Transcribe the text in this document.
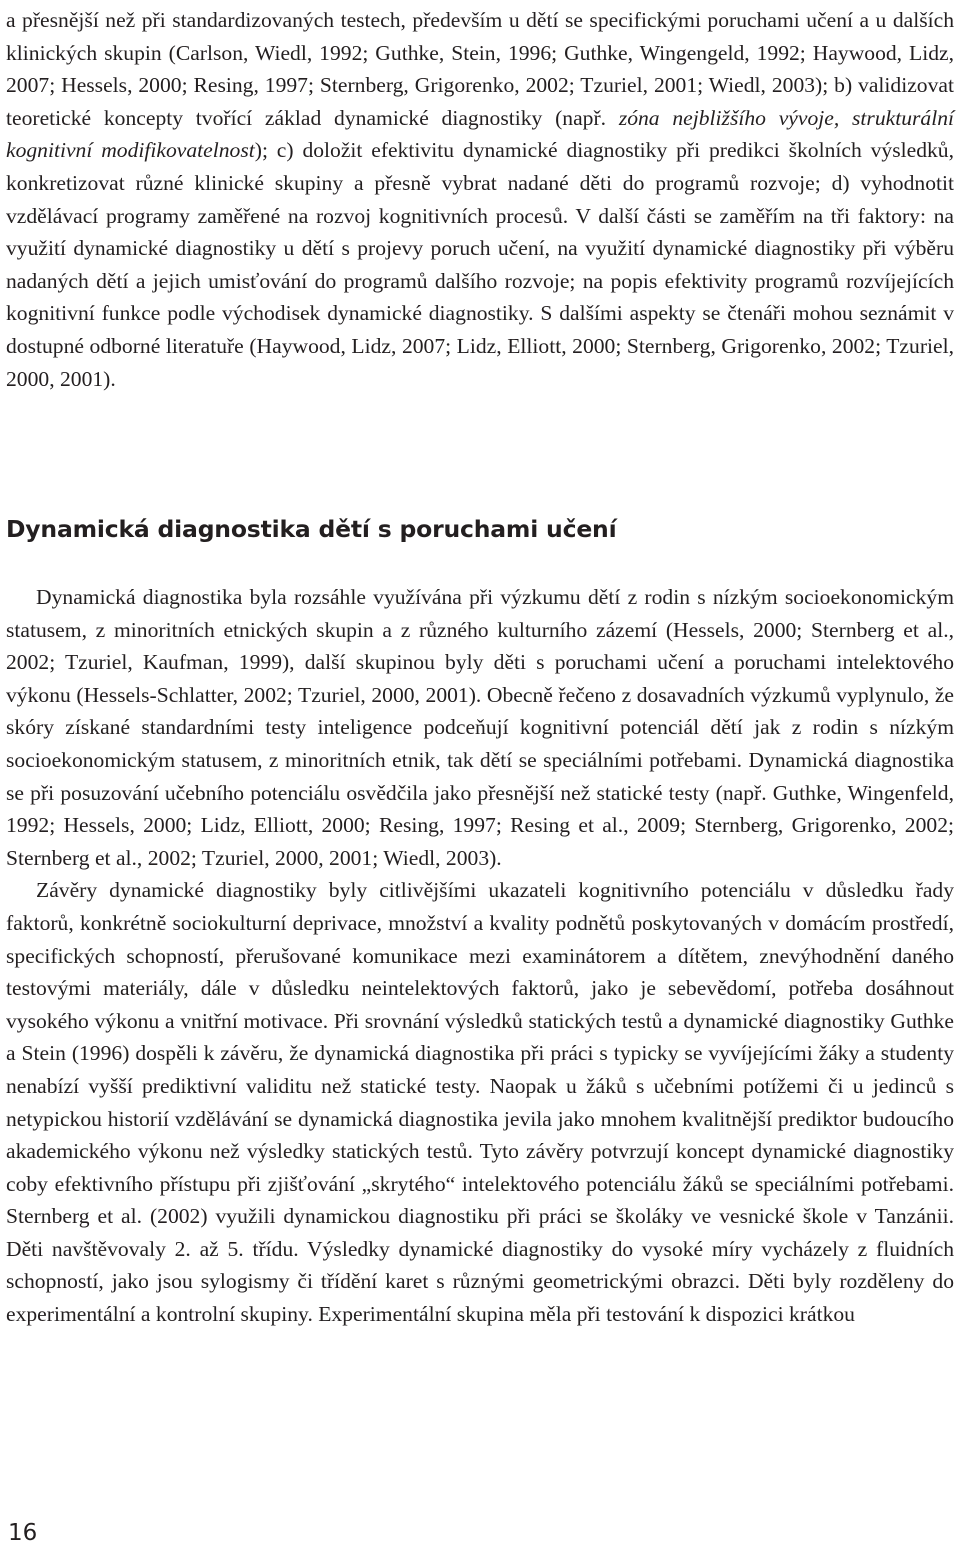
a přesnější než při standardizovaných testech, především u dětí se specifickými poruchami učení a u dalších klinických skupin (Carlson, Wiedl, 1992; Guthke, Stein, 1996; Guthke, Wingengeld, 1992; Haywood, Lidz, 2007; Hessels, 2000; Resing, 1997; Sternberg, Grigorenko, 2002; Tzuriel, 2001; Wiedl, 2003); b) validizovat teoretické koncepty tvořící základ dynamické diagnostiky (např. zóna nejbližšího vývoje, strukturální kognitivní modifikovatelnost); c) doložit efektivitu dynamické diagnostiky při predikci školních výsledků, konkretizovat různé klinické skupiny a přesně vybrat nadané děti do programů rozvoje; d) vyhodnotit vzdělávací programy zaměřené na rozvoj kognitivních procesů. V další části se zaměřím na tři faktory: na využití dynamické diagnostiky u dětí s projevy poruch učení, na využití dynamické diagnostiky při výběru nadaných dětí a jejich umisťování do programů dalšího rozvoje; na popis efektivity programů rozvíjejících kognitivní funkce podle východisek dynamické diagnostiky. S dalšími aspekty se čtenáři mohou seznámit v dostupné odborné literatuře (Haywood, Lidz, 2007; Lidz, Elliott, 2000; Sternberg, Grigorenko, 2002; Tzuriel, 2000, 2001).

Dynamická diagnostika dětí s poruchami učení

Dynamická diagnostika byla rozsáhle využívána při výzkumu dětí z rodin s nízkým socioekonomickým statusem, z minoritních etnických skupin a z různého kulturního zázemí (Hessels, 2000; Sternberg et al., 2002; Tzuriel, Kaufman, 1999), další skupinou byly děti s poruchami učení a poruchami intelektového výkonu (Hessels-Schlatter, 2002; Tzuriel, 2000, 2001). Obecně řečeno z dosavadních výzkumů vyplynulo, že skóry získané standardními testy inteligence podceňují kognitivní potenciál dětí jak z rodin s nízkým socioekonomickým statusem, z minoritních etnik, tak dětí se speciálními potřebami. Dynamická diagnostika se při posuzování učebního potenciálu osvědčila jako přesnější než statické testy (např. Guthke, Wingenfeld, 1992; Hessels, 2000; Lidz, Elliott, 2000; Resing, 1997; Resing et al., 2009; Sternberg, Grigorenko, 2002; Sternberg et al., 2002; Tzuriel, 2000, 2001; Wiedl, 2003).

Závěry dynamické diagnostiky byly citlivějšími ukazateli kognitivního potenciálu v důsledku řady faktorů, konkrétně sociokulturní deprivace, množství a kvality podnětů poskytovaných v domácím prostředí, specifických schopností, přerušované komunikace mezi examinátorem a dítětem, znevýhodnění daného testovými materiály, dále v důsledku neintelektových faktorů, jako je sebevědomí, potřeba dosáhnout vysokého výkonu a vnitřní motivace. Při srovnání výsledků statických testů a dynamické diagnostiky Guthke a Stein (1996) dospěli k závěru, že dynamická diagnostika při práci s typicky se vyvíjejícími žáky a studenty nenabízí vyšší prediktivní validitu než statické testy. Naopak u žáků s učebními potížemi či u jedinců s netypickou historií vzdělávání se dynamická diagnostika jevila jako mnohem kvalitnější prediktor budoucího akademického výkonu než výsledky statických testů. Tyto závěry potvrzují koncept dynamické diagnostiky coby efektivního přístupu při zjišťování „skrytého“ intelektového potenciálu žáků se speciálními potřebami. Sternberg et al. (2002) využili dynamickou diagnostiku při práci se školáky ve vesnické škole v Tanzánii. Děti navštěvovaly 2. až 5. třídu. Výsledky dynamické diagnostiky do vysoké míry vycházely z fluidních schopností, jako jsou sylogismy či třídění karet s různými geometrickými obrazci. Děti byly rozděleny do experimentální a kontrolní skupiny. Experimentální skupina měla při testování k dispozici krátkou

16
